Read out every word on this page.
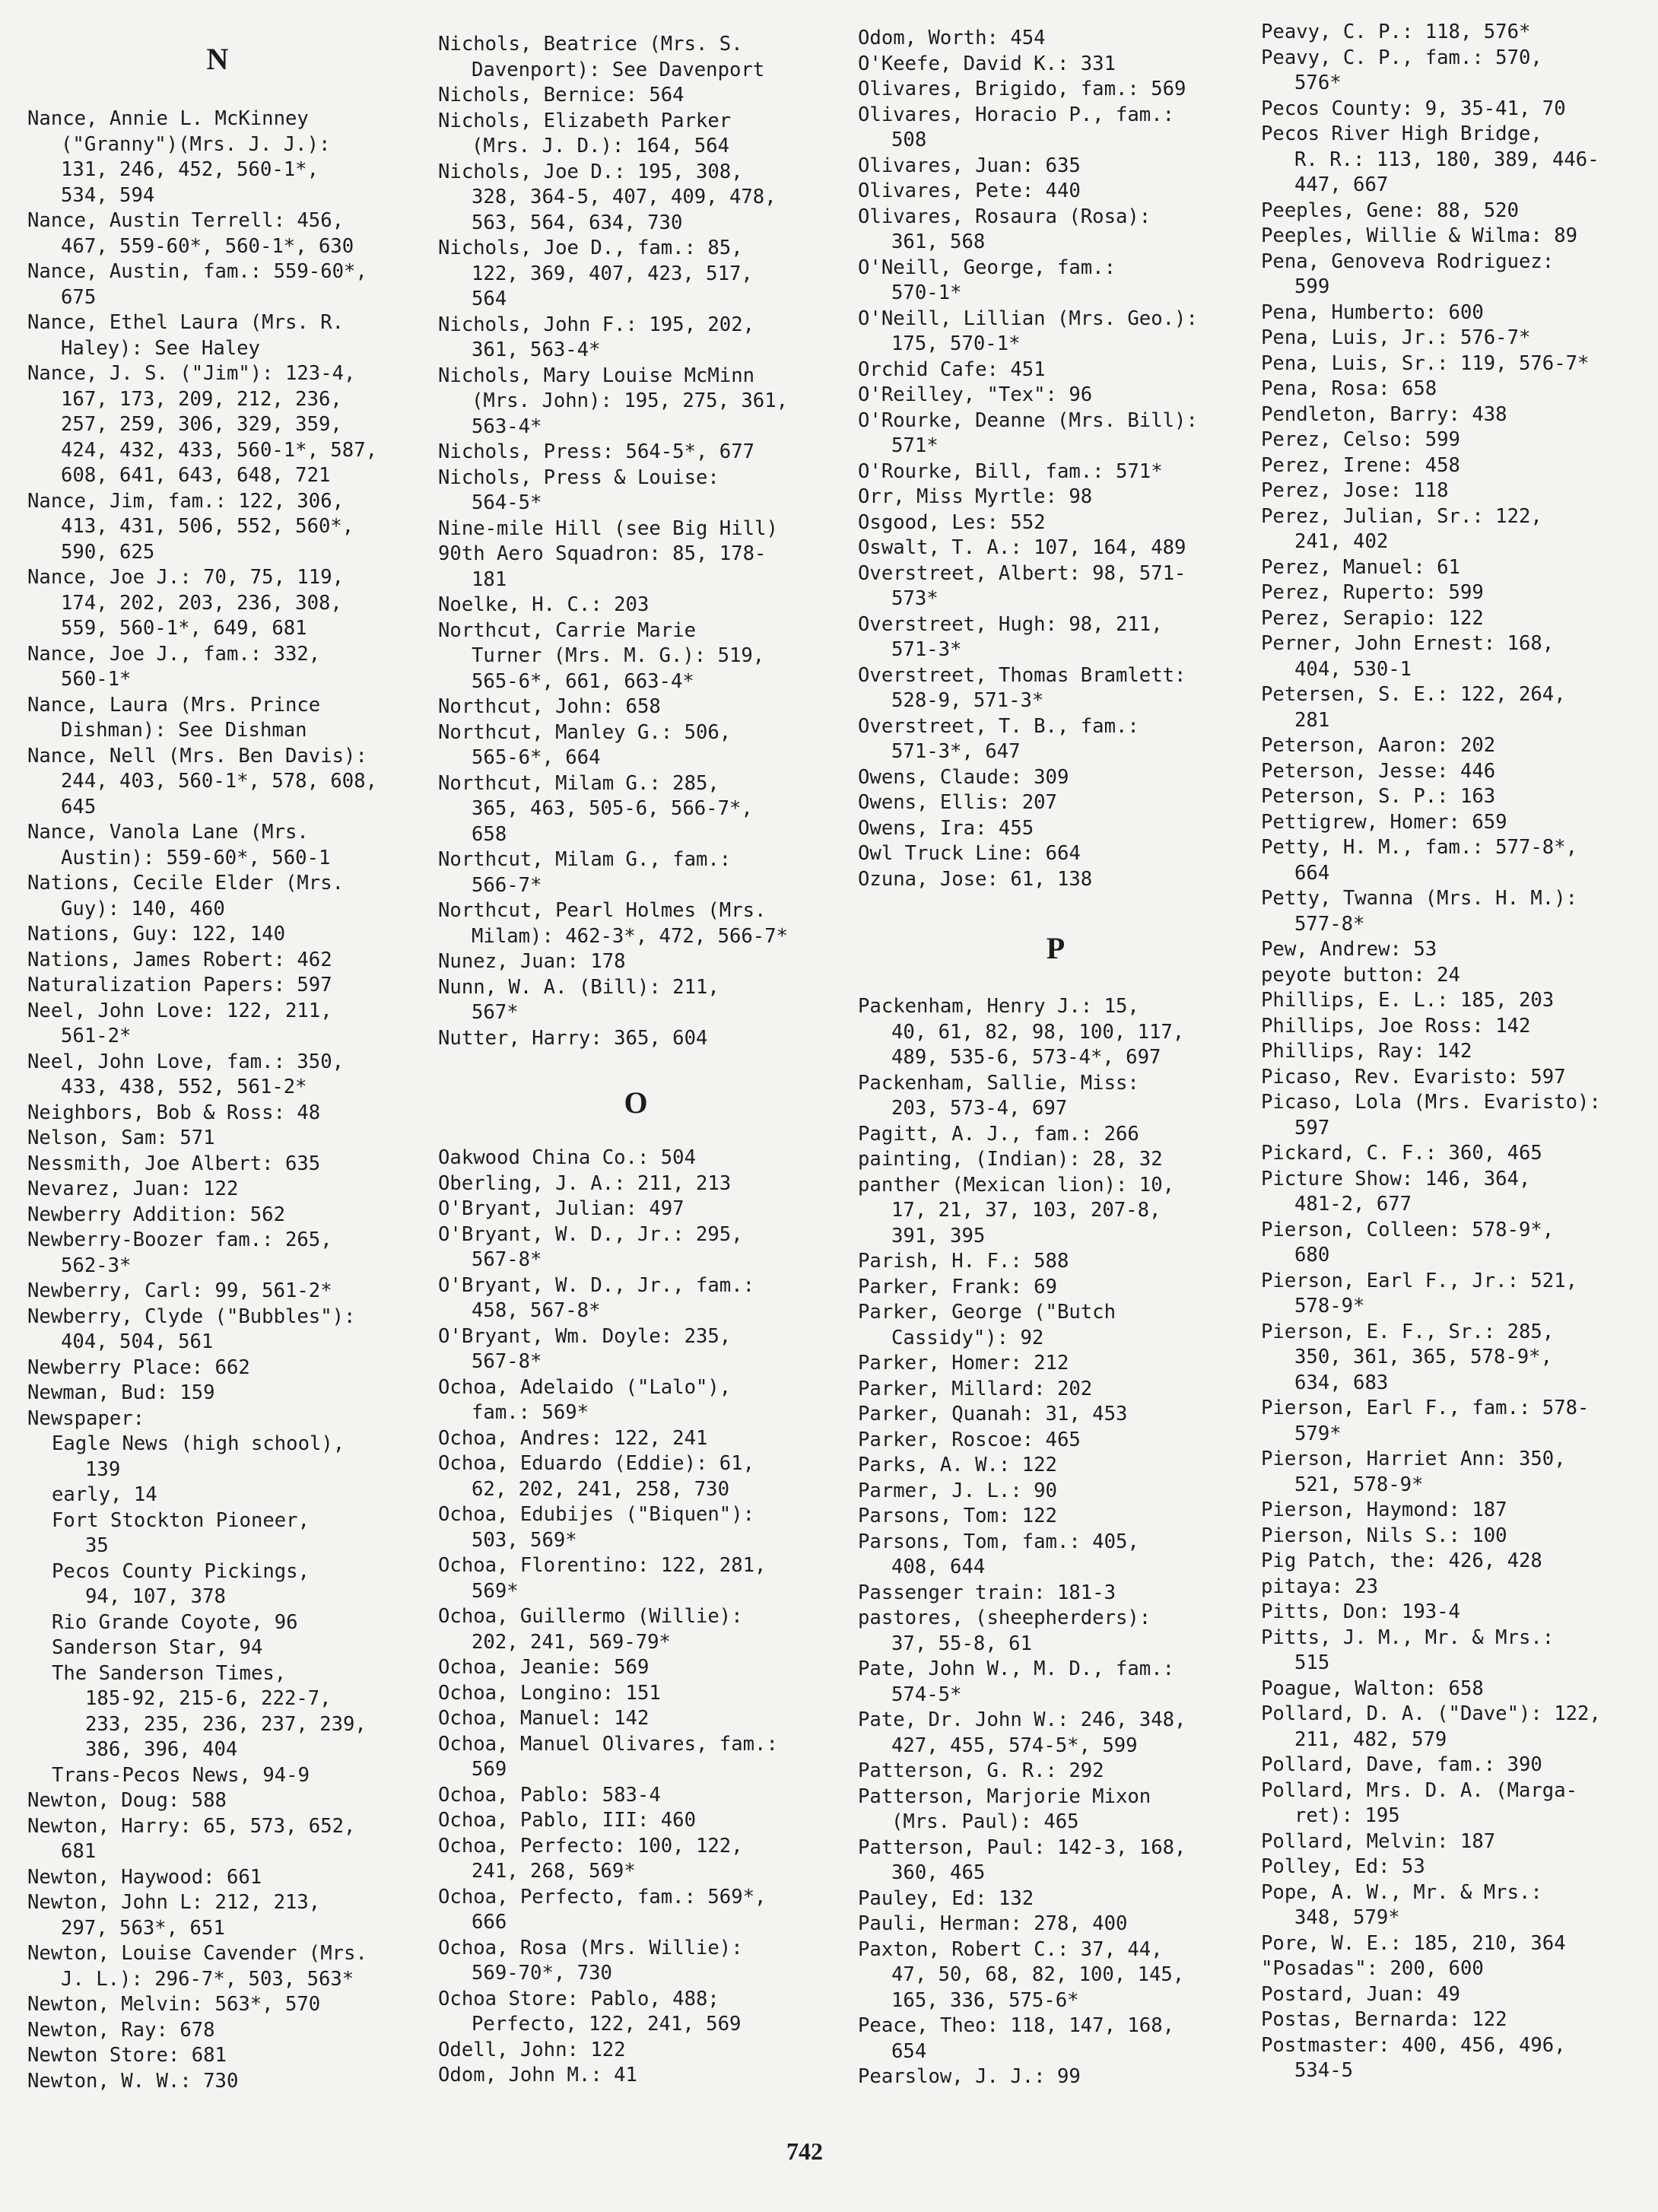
N
Nance, Annie L. McKinney
("Granny")(Mrs. J. J.):
131, 246, 452, 560-1*,
534, 594
Nance, Austin Terrell: 456,
467, 559-60*, 560-1*, 630
Nance, Austin, fam.: 559-60*,
675
Nance, Ethel Laura (Mrs. R.
Haley): See Haley
Nance, J. S. ("Jim"): 123-4,
167, 173, 209, 212, 236,
257, 259, 306, 329, 359,
424, 432, 433, 560-1*, 587,
608, 641, 643, 648, 721
Nance, Jim, fam.: 122, 306,
413, 431, 506, 552, 560*,
590, 625
Nance, Joe J.: 70, 75, 119,
174, 202, 203, 236, 308,
559, 560-1*, 649, 681
Nance, Joe J., fam.: 332,
560-1*
Nance, Laura (Mrs. Prince
Dishman): See Dishman
Nance, Nell (Mrs. Ben Davis):
244, 403, 560-1*, 578, 608,
645
Nance, Vanola Lane (Mrs.
Austin): 559-60*, 560-1
Nations, Cecile Elder (Mrs.
Guy): 140, 460
Nations, Guy: 122, 140
Nations, James Robert: 462
Naturalization Papers: 597
Neel, John Love: 122, 211,
561-2*
Neel, John Love, fam.: 350,
433, 438, 552, 561-2*
Neighbors, Bob & Ross: 48
Nelson, Sam: 571
Nessmith, Joe Albert: 635
Nevarez, Juan: 122
Newberry Addition: 562
Newberry-Boozer fam.: 265,
562-3*
Newberry, Carl: 99, 561-2*
Newberry, Clyde ("Bubbles"):
404, 504, 561
Newberry Place: 662
Newman, Bud: 159
Newspaper:
Eagle News (high school),
139
early, 14
Fort Stockton Pioneer,
35
Pecos County Pickings,
94, 107, 378
Rio Grande Coyote, 96
Sanderson Star, 94
The Sanderson Times,
185-92, 215-6, 222-7,
233, 235, 236, 237, 239,
386, 396, 404
Trans-Pecos News, 94-9
Newton, Doug: 588
Newton, Harry: 65, 573, 652,
681
Newton, Haywood: 661
Newton, John L: 212, 213,
297, 563*, 651
Newton, Louise Cavender (Mrs.
J. L.): 296-7*, 503, 563*
Newton, Melvin: 563*, 570
Newton, Ray: 678
Newton Store: 681
Newton, W. W.: 730
Nichols, Beatrice (Mrs. S.
Davenport): See Davenport
Nichols, Bernice: 564
Nichols, Elizabeth Parker
(Mrs. J. D.): 164, 564
Nichols, Joe D.: 195, 308,
328, 364-5, 407, 409, 478,
563, 564, 634, 730
Nichols, Joe D., fam.: 85,
122, 369, 407, 423, 517,
564
Nichols, John F.: 195, 202,
361, 563-4*
Nichols, Mary Louise McMinn
(Mrs. John): 195, 275, 361,
563-4*
Nichols, Press: 564-5*, 677
Nichols, Press & Louise:
564-5*
Nine-mile Hill (see Big Hill)
90th Aero Squadron: 85, 178-
181
Noelke, H. C.: 203
Northcut, Carrie Marie
Turner (Mrs. M. G.): 519,
565-6*, 661, 663-4*
Northcut, John: 658
Northcut, Manley G.: 506,
565-6*, 664
Northcut, Milam G.: 285,
365, 463, 505-6, 566-7*,
658
Northcut, Milam G., fam.:
566-7*
Northcut, Pearl Holmes (Mrs.
Milam): 462-3*, 472, 566-7*
Nunez, Juan: 178
Nunn, W. A. (Bill): 211,
567*
Nutter, Harry: 365, 604
O
Oakwood China Co.: 504
Oberling, J. A.: 211, 213
O'Bryant, Julian: 497
O'Bryant, W. D., Jr.: 295,
567-8*
O'Bryant, W. D., Jr., fam.:
458, 567-8*
O'Bryant, Wm. Doyle: 235,
567-8*
Ochoa, Adelaido ("Lalo"),
fam.: 569*
Ochoa, Andres: 122, 241
Ochoa, Eduardo (Eddie): 61,
62, 202, 241, 258, 730
Ochoa, Edubijes ("Biquen"):
503, 569*
Ochoa, Florentino: 122, 281,
569*
Ochoa, Guillermo (Willie):
202, 241, 569-79*
Ochoa, Jeanie: 569
Ochoa, Longino: 151
Ochoa, Manuel: 142
Ochoa, Manuel Olivares, fam.:
569
Ochoa, Pablo: 583-4
Ochoa, Pablo, III: 460
Ochoa, Perfecto: 100, 122,
241, 268, 569*
Ochoa, Perfecto, fam.: 569*,
666
Ochoa, Rosa (Mrs. Willie):
569-70*, 730
Ochoa Store: Pablo, 488;
Perfecto, 122, 241, 569
Odell, John: 122
Odom, John M.: 41
Odom, Worth: 454
O'Keefe, David K.: 331
Olivares, Brigido, fam.: 569
Olivares, Horacio P., fam.:
508
Olivares, Juan: 635
Olivares, Pete: 440
Olivares, Rosaura (Rosa):
361, 568
O'Neill, George, fam.:
570-1*
O'Neill, Lillian (Mrs. Geo.):
175, 570-1*
Orchid Cafe: 451
O'Reilley, "Tex": 96
O'Rourke, Deanne (Mrs. Bill):
571*
O'Rourke, Bill, fam.: 571*
Orr, Miss Myrtle: 98
Osgood, Les: 552
Oswalt, T. A.: 107, 164, 489
Overstreet, Albert: 98, 571-
573*
Overstreet, Hugh: 98, 211,
571-3*
Overstreet, Thomas Bramlett:
528-9, 571-3*
Overstreet, T. B., fam.:
571-3*, 647
Owens, Claude: 309
Owens, Ellis: 207
Owens, Ira: 455
Owl Truck Line: 664
Ozuna, Jose: 61, 138
P
Packenham, Henry J.: 15,
40, 61, 82, 98, 100, 117,
489, 535-6, 573-4*, 697
Packenham, Sallie, Miss:
203, 573-4, 697
Pagitt, A. J., fam.: 266
painting, (Indian): 28, 32
panther (Mexican lion): 10,
17, 21, 37, 103, 207-8,
391, 395
Parish, H. F.: 588
Parker, Frank: 69
Parker, George ("Butch
Cassidy"): 92
Parker, Homer: 212
Parker, Millard: 202
Parker, Quanah: 31, 453
Parker, Roscoe: 465
Parks, A. W.: 122
Parmer, J. L.: 90
Parsons, Tom: 122
Parsons, Tom, fam.: 405,
408, 644
Passenger train: 181-3
pastores, (sheepherders):
37, 55-8, 61
Pate, John W., M. D., fam.:
574-5*
Pate, Dr. John W.: 246, 348,
427, 455, 574-5*, 599
Patterson, G. R.: 292
Patterson, Marjorie Mixon
(Mrs. Paul): 465
Patterson, Paul: 142-3, 168,
360, 465
Pauley, Ed: 132
Pauli, Herman: 278, 400
Paxton, Robert C.: 37, 44,
47, 50, 68, 82, 100, 145,
165, 336, 575-6*
Peace, Theo: 118, 147, 168,
654
Pearslow, J. J.: 99
Peavy, C. P.: 118, 576*
Peavy, C. P., fam.: 570,
576*
Pecos County: 9, 35-41, 70
Pecos River High Bridge,
R. R.: 113, 180, 389, 446-
447, 667
Peeples, Gene: 88, 520
Peeples, Willie & Wilma: 89
Pena, Genoveva Rodriguez:
599
Pena, Humberto: 600
Pena, Luis, Jr.: 576-7*
Pena, Luis, Sr.: 119, 576-7*
Pena, Rosa: 658
Pendleton, Barry: 438
Perez, Celso: 599
Perez, Irene: 458
Perez, Jose: 118
Perez, Julian, Sr.: 122,
241, 402
Perez, Manuel: 61
Perez, Ruperto: 599
Perez, Serapio: 122
Perner, John Ernest: 168,
404, 530-1
Petersen, S. E.: 122, 264,
281
Peterson, Aaron: 202
Peterson, Jesse: 446
Peterson, S. P.: 163
Pettigrew, Homer: 659
Petty, H. M., fam.: 577-8*,
664
Petty, Twanna (Mrs. H. M.):
577-8*
Pew, Andrew: 53
peyote button: 24
Phillips, E. L.: 185, 203
Phillips, Joe Ross: 142
Phillips, Ray: 142
Picaso, Rev. Evaristo: 597
Picaso, Lola (Mrs. Evaristo):
597
Pickard, C. F.: 360, 465
Picture Show: 146, 364,
481-2, 677
Pierson, Colleen: 578-9*,
680
Pierson, Earl F., Jr.: 521,
578-9*
Pierson, E. F., Sr.: 285,
350, 361, 365, 578-9*,
634, 683
Pierson, Earl F., fam.: 578-
579*
Pierson, Harriet Ann: 350,
521, 578-9*
Pierson, Haymond: 187
Pierson, Nils S.: 100
Pig Patch, the: 426, 428
pitaya: 23
Pitts, Don: 193-4
Pitts, J. M., Mr. & Mrs.:
515
Poague, Walton: 658
Pollard, D. A. ("Dave"): 122,
211, 482, 579
Pollard, Dave, fam.: 390
Pollard, Mrs. D. A. (Marga-
ret): 195
Pollard, Melvin: 187
Polley, Ed: 53
Pope, A. W., Mr. & Mrs.:
348, 579*
Pore, W. E.: 185, 210, 364
"Posadas": 200, 600
Postard, Juan: 49
Postas, Bernarda: 122
Postmaster: 400, 456, 496,
534-5
742
